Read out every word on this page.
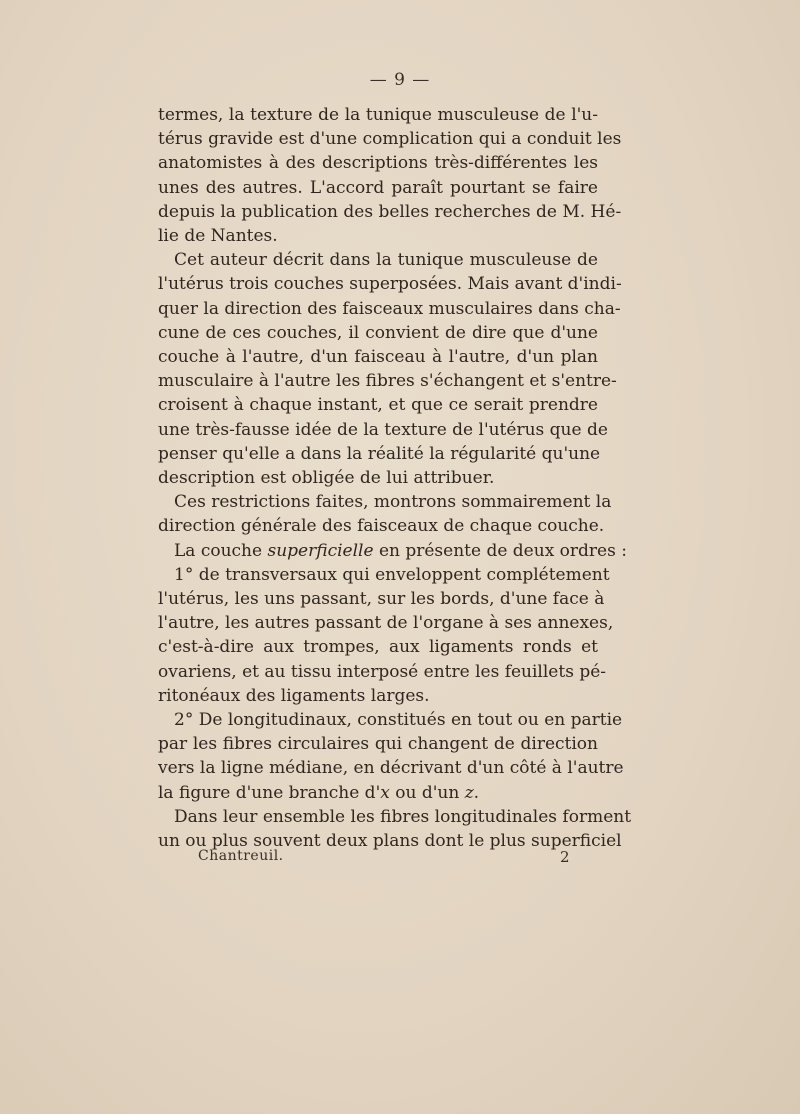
— 9 —
termes, la texture de la tunique musculeuse de l'u-
térus gravide est d'une complication qui a conduit les
anatomistes à des descriptions très-différentes les
unes des autres. L'accord paraît pourtant se faire
depuis la publication des belles recherches de M. Hé-
lie de Nantes.
Cet auteur décrit dans la tunique musculeuse de
l'utérus trois couches superposées. Mais avant d'indi-
quer la direction des faisceaux musculaires dans cha-
cune de ces couches, il convient de dire que d'une
couche à l'autre, d'un faisceau à l'autre, d'un plan
musculaire à l'autre les fibres s'échangent et s'entre-
croisent à chaque instant, et que ce serait prendre
une très-fausse idée de la texture de l'utérus que de
penser qu'elle a dans la réalité la régularité qu'une
description est obligée de lui attribuer.
Ces restrictions faites, montrons sommairement la
direction générale des faisceaux de chaque couche.
La couche superficielle en présente de deux ordres :
1° de transversaux qui enveloppent complétement
l'utérus, les uns passant, sur les bords, d'une face à
l'autre, les autres passant de l'organe à ses annexes,
c'est-à-dire aux trompes, aux ligaments ronds et
ovariens, et au tissu interposé entre les feuillets pé-
ritonéaux des ligaments larges.
2° De longitudinaux, constitués en tout ou en partie
par les fibres circulaires qui changent de direction
vers la ligne médiane, en décrivant d'un côté à l'autre
la figure d'une branche d'x ou d'un z.
Dans leur ensemble les fibres longitudinales forment
un ou plus souvent deux plans dont le plus superficiel
Chantreuil.	2
